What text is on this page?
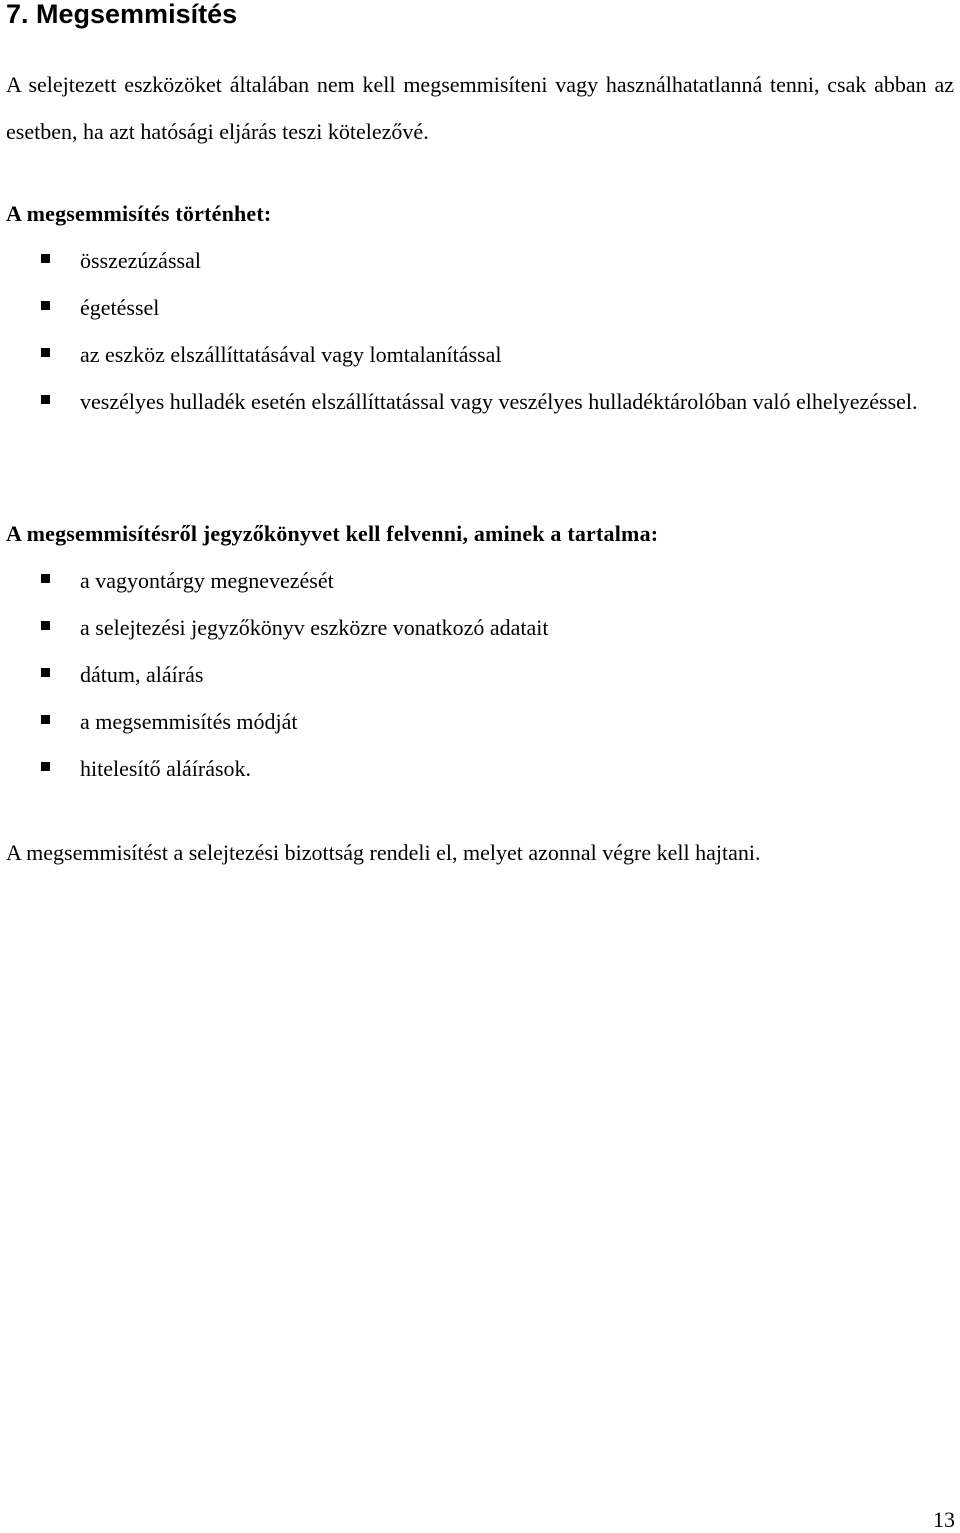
7. Megsemmisítés

A selejtezett eszközöket általában nem kell megsemmisíteni vagy használhatatlanná tenni, csak abban az esetben, ha azt hatósági eljárás teszi kötelezővé.

A megsemmisítés történhet:

összezúzással
égetéssel
az eszköz elszállíttatásával vagy lomtalanítással
veszélyes hulladék esetén elszállíttatással vagy veszélyes hulladéktárolóban való elhelyezéssel.

A megsemmisítésről jegyzőkönyvet kell felvenni, aminek a tartalma:

a vagyontárgy megnevezését
a selejtezési jegyzőkönyv eszközre vonatkozó adatait
dátum, aláírás
a megsemmisítés módját
hitelesítő aláírások.

A megsemmisítést a selejtezési bizottság rendeli el, melyet azonnal végre kell hajtani.

13
